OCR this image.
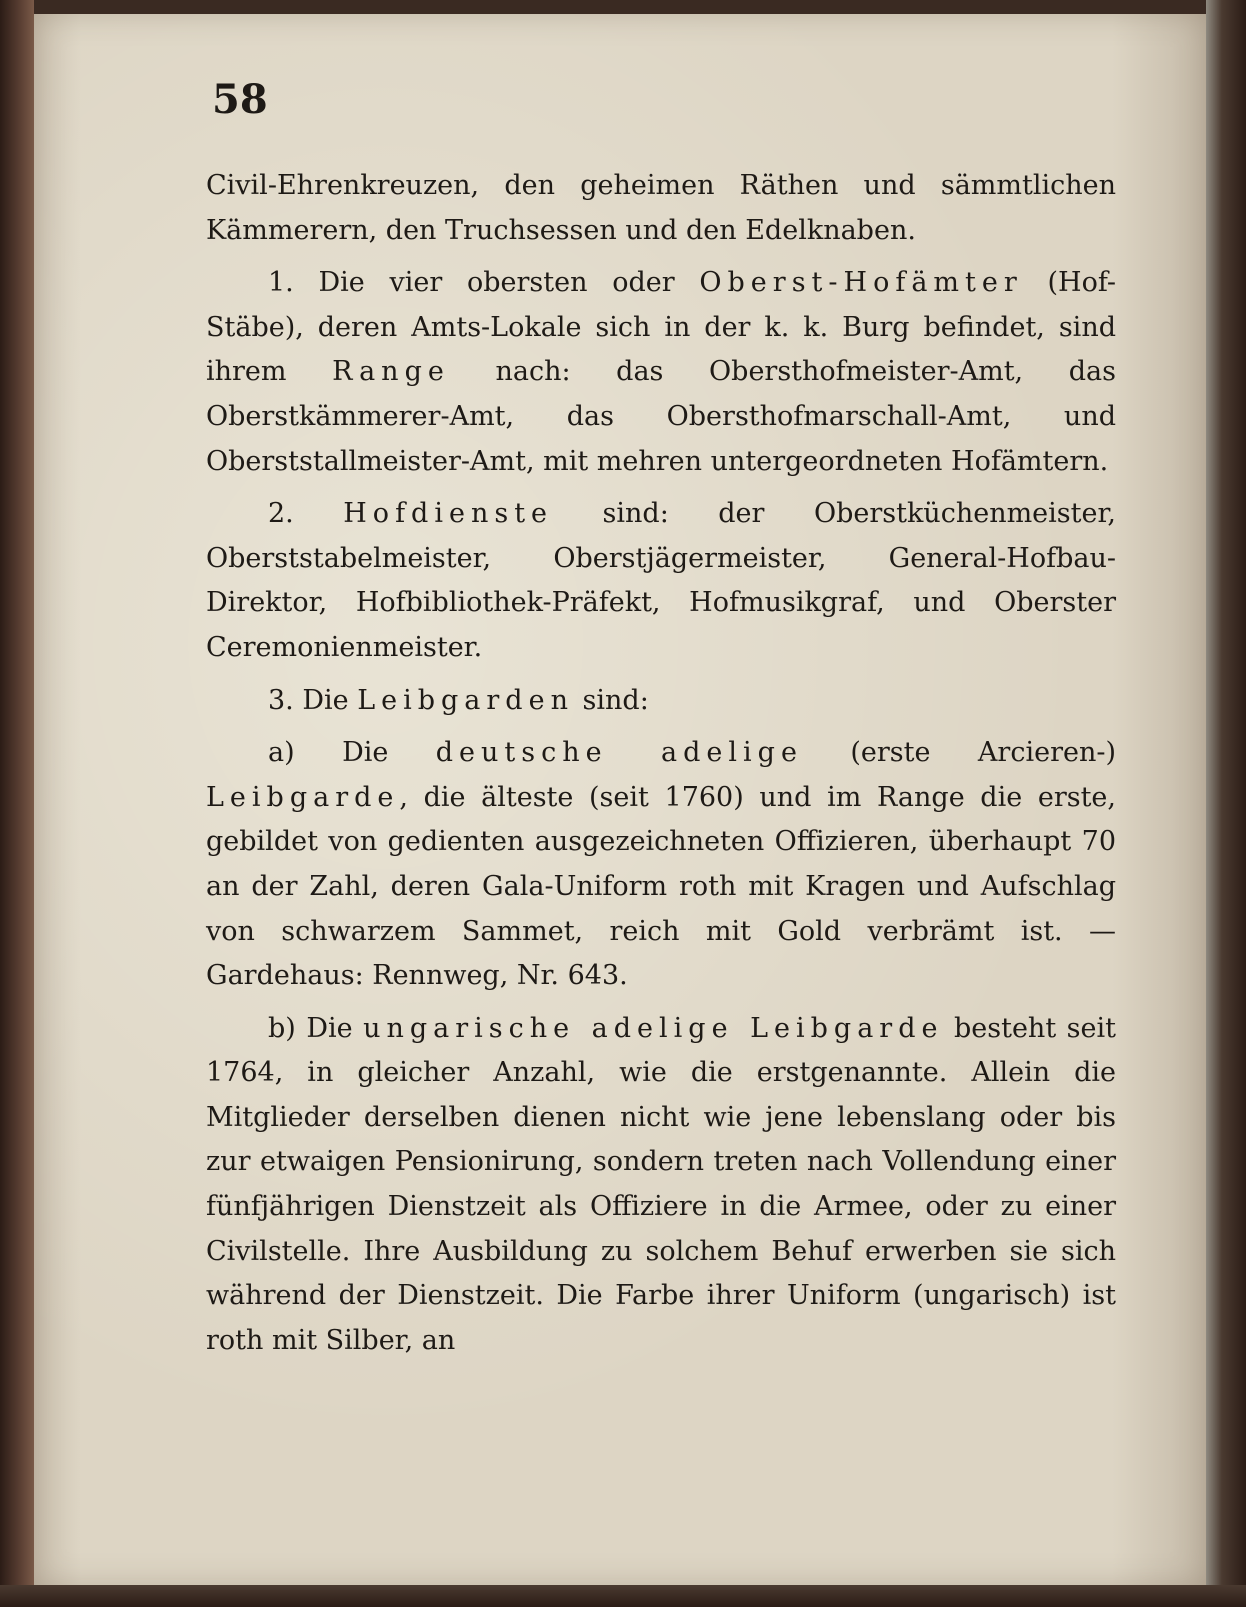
58

Civil-Ehrenkreuzen, den geheimen Räthen und sämmtlichen Kämmerern, den Truchsessen und den Edelknaben.

1. Die vier obersten oder Oberst-Hofämter (Hof-Stäbe), deren Amts-Lokale sich in der k. k. Burg befindet, sind ihrem Range nach: das Obersthofmeister-Amt, das Oberstkämmerer-Amt, das Obersthofmarschall-Amt, und Oberststallmeister-Amt, mit mehren untergeordneten Hofämtern.

2. Hofdienste sind: der Oberstküchenmeister, Oberststabelmeister, Oberstjägermeister, General-Hofbau-Direktor, Hofbibliothek-Präfekt, Hofmusikgraf, und Oberster Ceremonienmeister.

3. Die Leibgarden sind:

a) Die deutsche adelige (erste Arcieren-) Leibgarde, die älteste (seit 1760) und im Range die erste, gebildet von gedienten ausgezeichneten Offizieren, überhaupt 70 an der Zahl, deren Gala-Uniform roth mit Kragen und Aufschlag von schwarzem Sammet, reich mit Gold verbrämt ist. — Gardehaus: Rennweg, Nr. 643.

b) Die ungarische adelige Leibgarde besteht seit 1764, in gleicher Anzahl, wie die erstgenannte. Allein die Mitglieder derselben dienen nicht wie jene lebenslang oder bis zur etwaigen Pensionirung, sondern treten nach Vollendung einer fünfjährigen Dienstzeit als Offiziere in die Armee, oder zu einer Civilstelle. Ihre Ausbildung zu solchem Behuf erwerben sie sich während der Dienstzeit. Die Farbe ihrer Uniform (ungarisch) ist roth mit Silber, an
